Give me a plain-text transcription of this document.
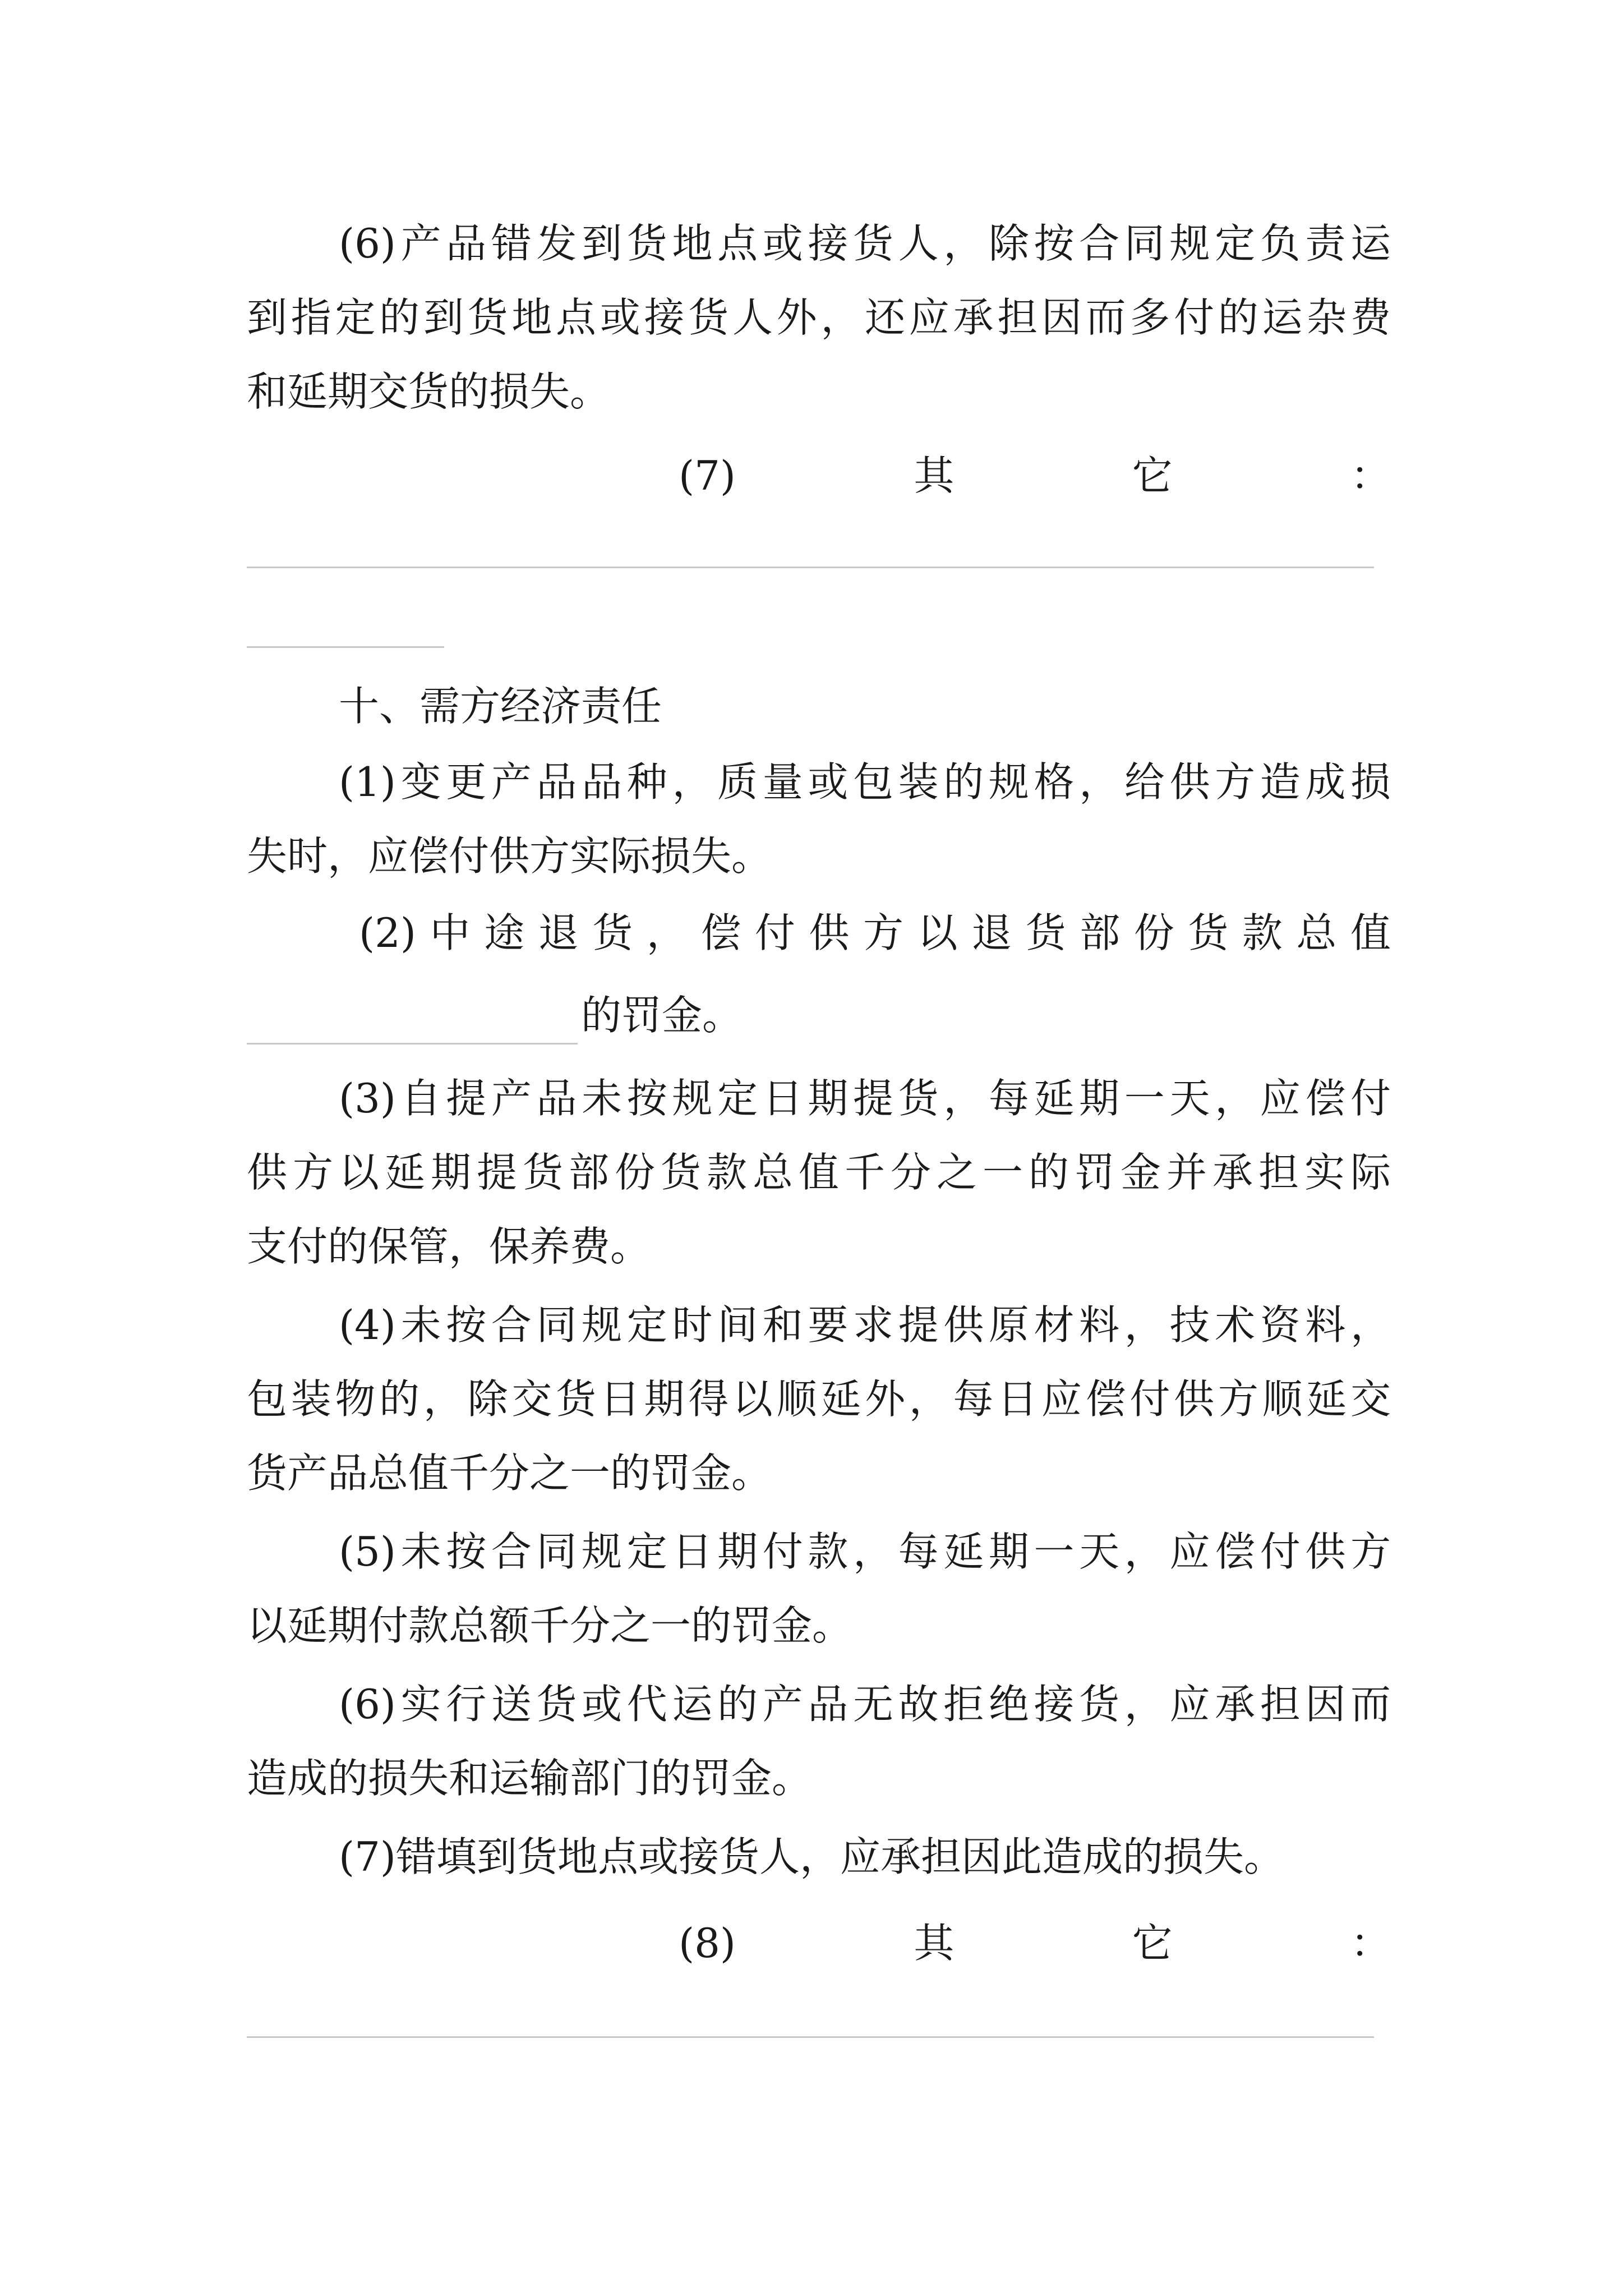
(6)产品错发到货地点或接货人，除按合同规定负责运
到指定的到货地点或接货人外，还应承担因而多付的运杂费
和延期交货的损失。
(7)	其	它	：
十、需方经济责任
(1)变更产品品种，质量或包装的规格，给供方造成损
失时，应偿付供方实际损失。
(2)中途退货，偿付供方以退货部份货款总值
的罚金。
(3)自提产品未按规定日期提货，每延期一天，应偿付
供方以延期提货部份货款总值千分之一的罚金并承担实际
支付的保管，保养费。
(4)未按合同规定时间和要求提供原材料，技术资料，
包装物的，除交货日期得以顺延外，每日应偿付供方顺延交
货产品总值千分之一的罚金。
(5)未按合同规定日期付款，每延期一天，应偿付供方
以延期付款总额千分之一的罚金。
(6)实行送货或代运的产品无故拒绝接货，应承担因而
造成的损失和运输部门的罚金。
(7)错填到货地点或接货人，应承担因此造成的损失。
(8)	其	它	：
